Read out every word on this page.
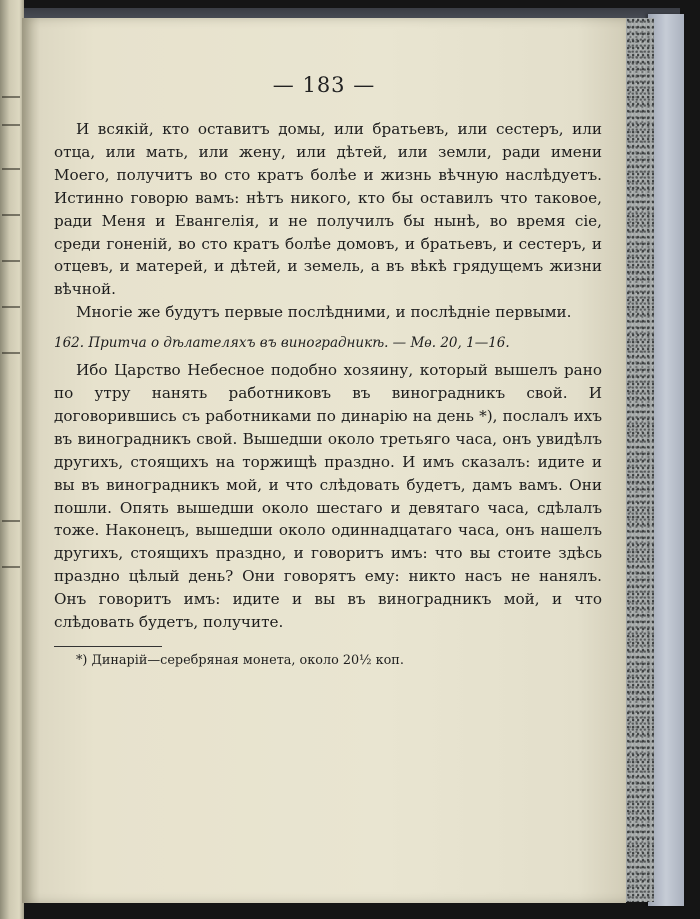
— 183 —

И всякій, кто оставитъ домы, или братьевъ, или сестеръ, или отца, или мать, или жену, или дѣтей, или земли, ради имени Моего, получитъ во сто кратъ болѣе и жизнь вѣчную наслѣдуетъ. Истинно говорю вамъ: нѣтъ никого, кто бы оставилъ что таковое, ради Меня и Евангелія, и не получилъ бы нынѣ, во время сіе, среди гоненій, во сто кратъ болѣе домовъ, и братьевъ, и сестеръ, и отцевъ, и матерей, и дѣтей, и земель, а въ вѣкѣ грядущемъ жизни вѣчной.

Многіе же будутъ первые послѣдними, и послѣдніе первыми.

162. Притча о дѣлателяхъ въ виноградникѣ. — Мѳ. 20, 1—16.

Ибо Царство Небесное подобно хозяину, который вышелъ рано по утру нанять работниковъ въ виноградникъ свой. И договорившись съ работниками по динарію на день *), послалъ ихъ въ виноградникъ свой. Вышедши около третьяго часа, онъ увидѣлъ другихъ, стоящихъ на торжищѣ праздно. И имъ сказалъ: идите и вы въ виноградникъ мой, и что слѣдовать будетъ, дамъ вамъ. Они пошли. Опять вышедши около шестаго и девятаго часа, сдѣлалъ тоже. Наконецъ, вышедши около одиннадцатаго часа, онъ нашелъ другихъ, стоящихъ праздно, и говоритъ имъ: что вы стоите здѣсь праздно цѣлый день? Они говорятъ ему: никто насъ не нанялъ. Онъ говоритъ имъ: идите и вы въ виноградникъ мой, и что слѣдовать будетъ, получите.

*) Динарій—серебряная монета, около 20½ коп.
